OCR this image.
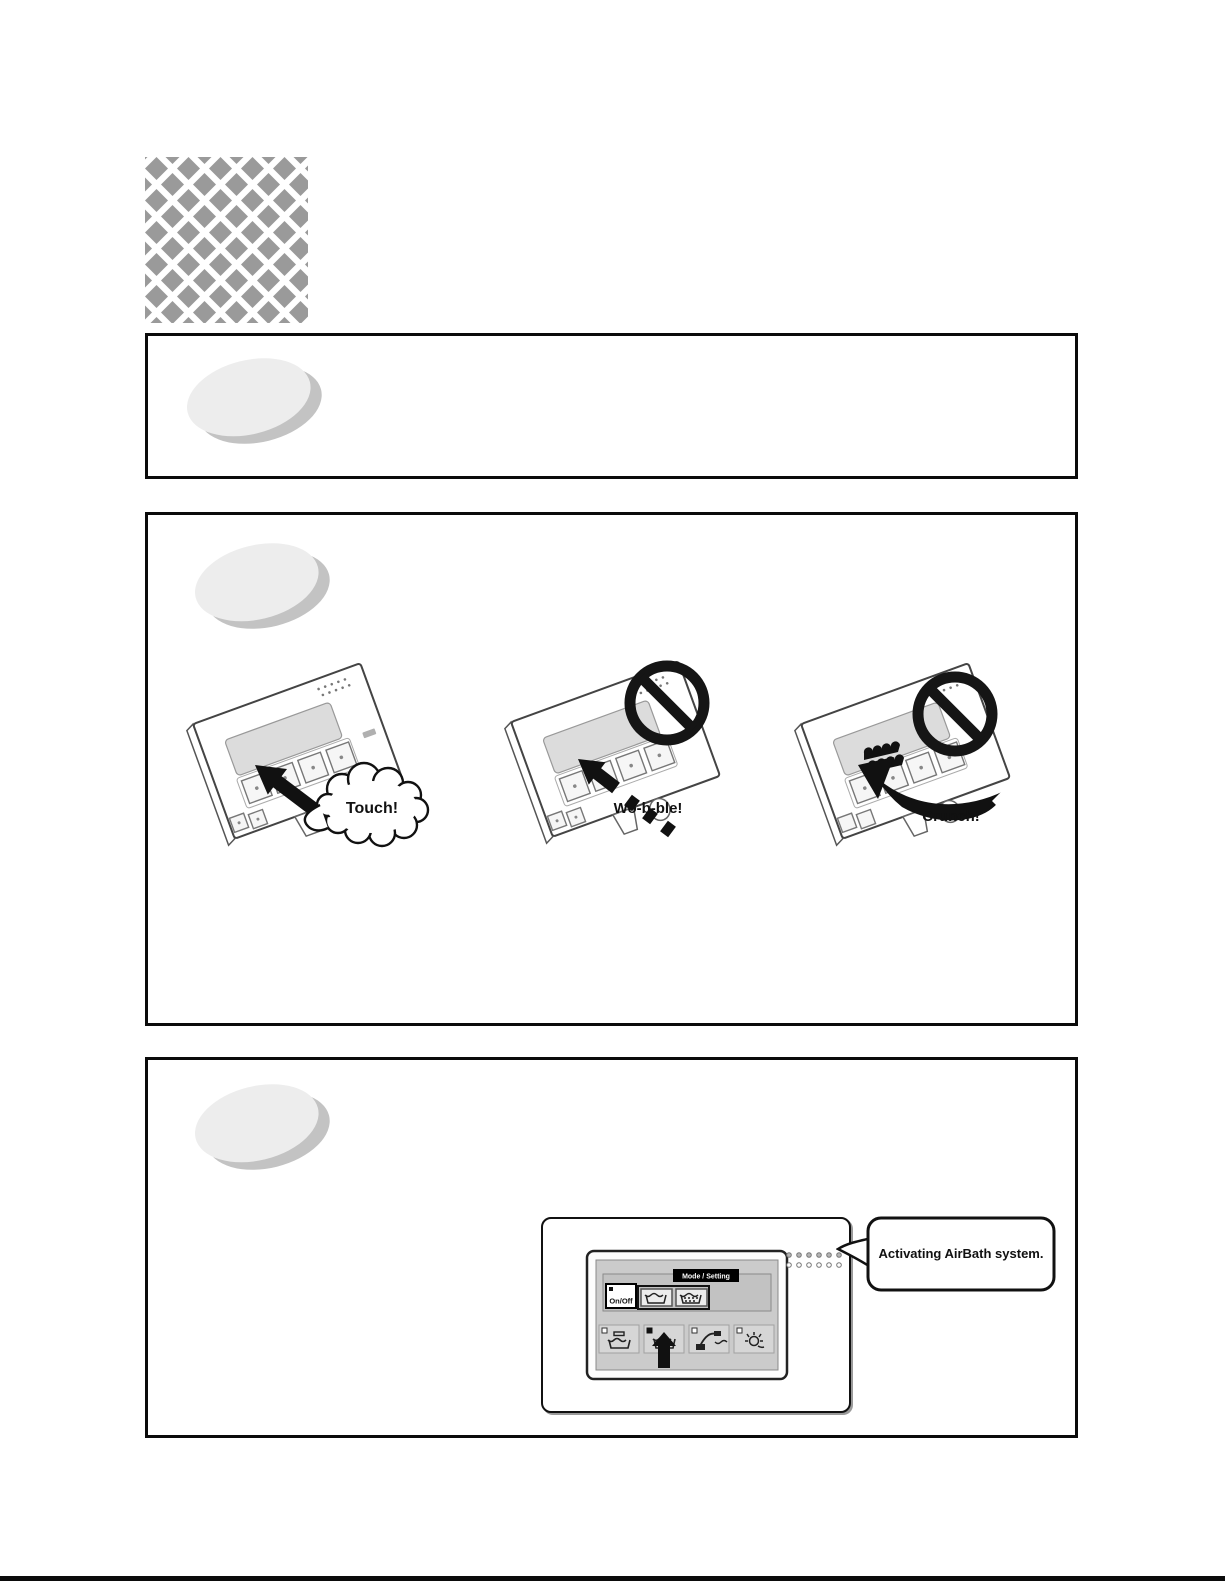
Touch!	Wo-b-ble!	Crunch!
Mode / Setting
On/Off
Activating AirBath system.
